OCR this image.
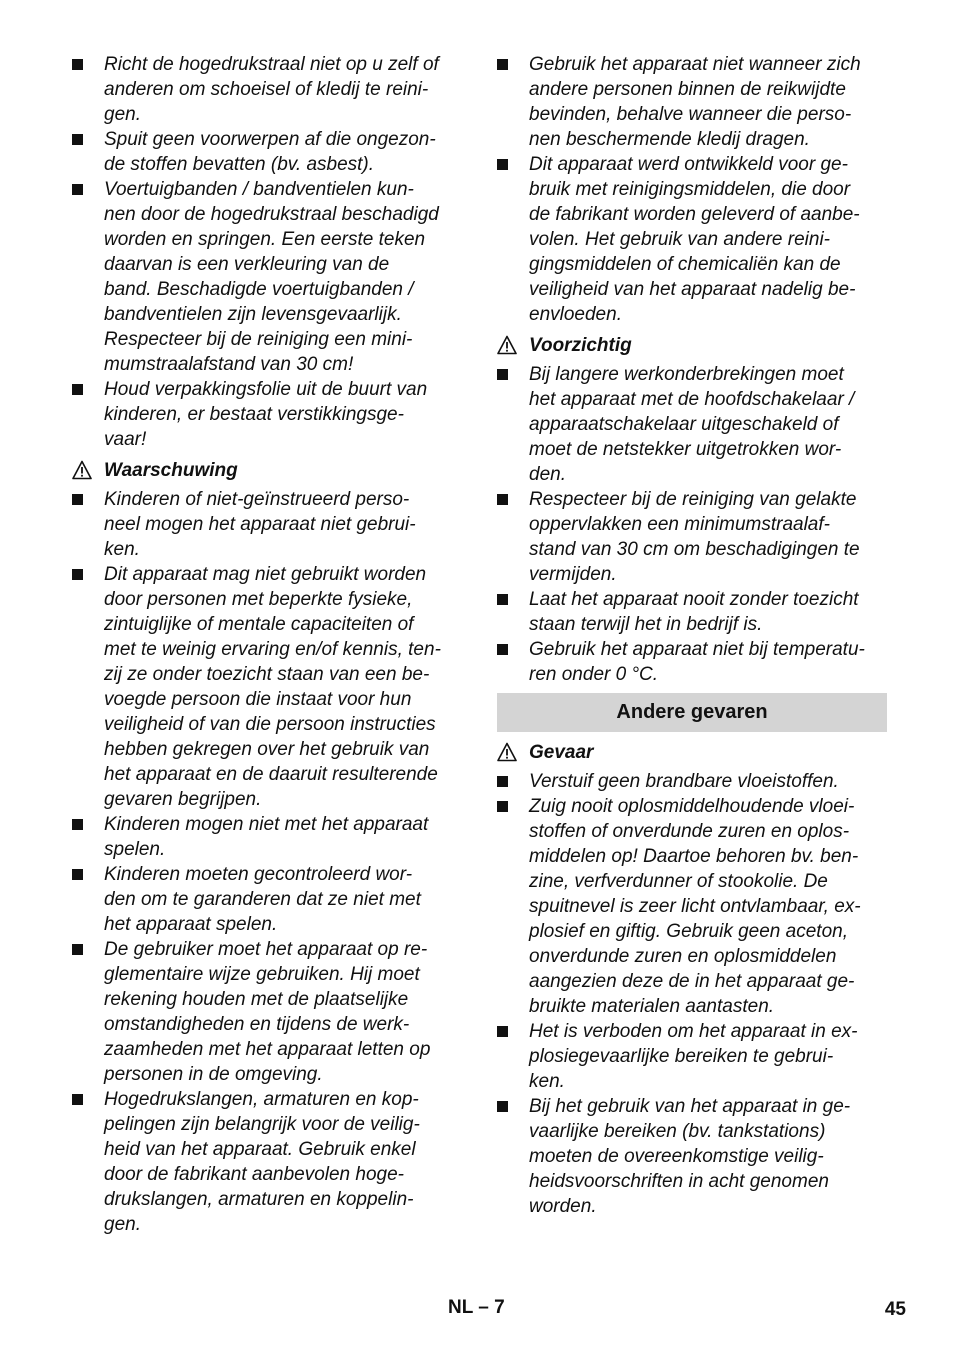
Richt de hogedrukstraal niet op u zelf of
anderen om schoeisel of kledij te reini-
gen.
Spuit geen voorwerpen af die ongezon-
de stoffen bevatten (bv. asbest).
Voertuigbanden / bandventielen kun-
nen door de hogedrukstraal beschadigd
worden en springen. Een eerste teken
daarvan is een verkleuring van de
band. Beschadigde voertuigbanden /
bandventielen zijn levensgevaarlijk.
Respecteer bij de reiniging een mini-
mumstraalafstand van 30 cm!
Houd verpakkingsfolie uit de buurt van
kinderen, er bestaat verstikkingsge-
vaar!
Waarschuwing
Kinderen of niet-geïnstrueerd perso-
neel mogen het apparaat niet gebrui-
ken.
Dit apparaat mag niet gebruikt worden
door personen met beperkte fysieke,
zintuiglijke of mentale capaciteiten of
met te weinig ervaring en/of kennis, ten-
zij ze onder toezicht staan van een be-
voegde persoon die instaat voor hun
veiligheid of van die persoon instructies
hebben gekregen over het gebruik van
het apparaat en de daaruit resulterende
gevaren begrijpen.
Kinderen mogen niet met het apparaat
spelen.
Kinderen moeten gecontroleerd wor-
den om te garanderen dat ze niet met
het apparaat spelen.
De gebruiker moet het apparaat op re-
glementaire wijze gebruiken. Hij moet
rekening houden met de plaatselijke
omstandigheden en tijdens de werk-
zaamheden met het apparaat letten op
personen in de omgeving.
Hogedrukslangen, armaturen en kop-
pelingen zijn belangrijk voor de veilig-
heid van het apparaat. Gebruik enkel
door de fabrikant aanbevolen hoge-
drukslangen, armaturen en koppelin-
gen.
Gebruik het apparaat niet wanneer zich
andere personen binnen de reikwijdte
bevinden, behalve wanneer die perso-
nen beschermende kledij dragen.
Dit apparaat werd ontwikkeld voor ge-
bruik met reinigingsmiddelen, die door
de fabrikant worden geleverd of aanbe-
volen. Het gebruik van andere reini-
gingsmiddelen of chemicaliën kan de
veiligheid van het apparaat nadelig be-
envloeden.
Voorzichtig
Bij langere werkonderbrekingen moet
het apparaat met de hoofdschakelaar /
apparaatschakelaar uitgeschakeld of
moet de netstekker uitgetrokken wor-
den.
Respecteer bij de reiniging van gelakte
oppervlakken een minimumstraalaf-
stand van 30 cm om beschadigingen te
vermijden.
Laat het apparaat nooit zonder toezicht
staan terwijl het in bedrijf is.
Gebruik het apparaat niet bij temperatu-
ren onder 0 °C.
Andere gevaren
Gevaar
Verstuif geen brandbare vloeistoffen.
Zuig nooit oplosmiddelhoudende vloei-
stoffen of onverdunde zuren en oplos-
middelen op! Daartoe behoren bv. ben-
zine, verfverdunner of stookolie. De
spuitnevel is zeer licht ontvlambaar, ex-
plosief en giftig. Gebruik geen aceton,
onverdunde zuren en oplosmiddelen
aangezien deze de in het apparaat ge-
bruikte materialen aantasten.
Het is verboden om het apparaat in ex-
plosiegevaarlijke bereiken te gebrui-
ken.
Bij het gebruik van het apparaat in ge-
vaarlijke bereiken (bv. tankstations)
moeten de overeenkomstige veilig-
heidsvoorschriften in acht genomen
worden.
NL – 7	45
